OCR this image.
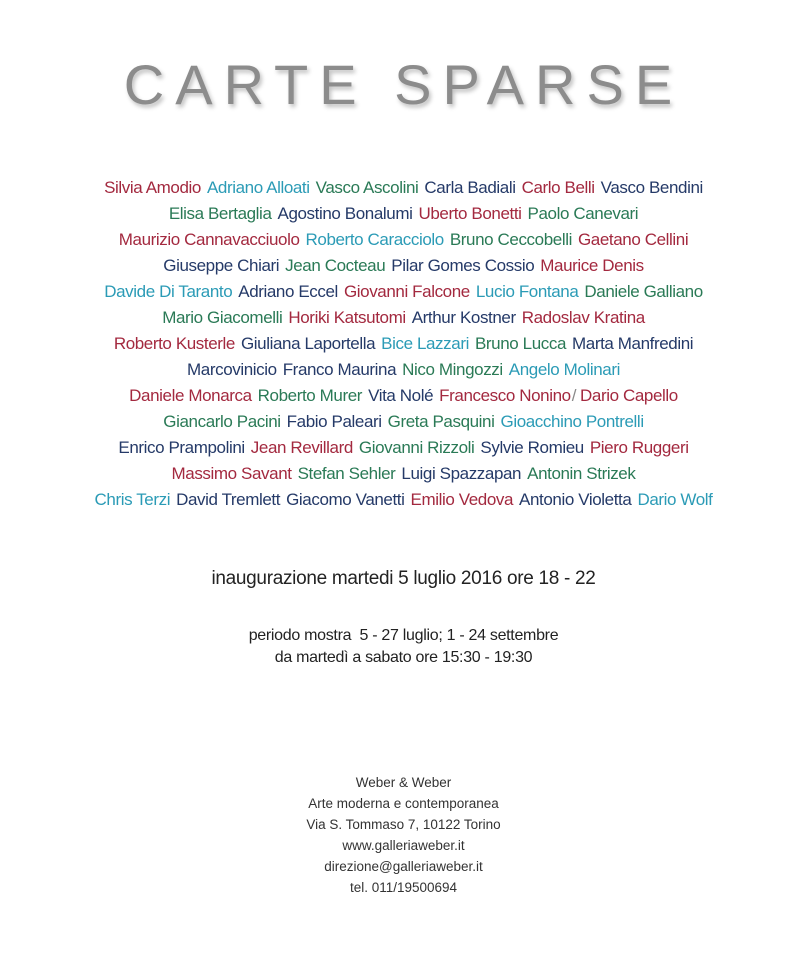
CARTE SPARSE
Silvia Amodio Adriano Alloati Vasco Ascolini Carla Badiali Carlo Belli Vasco Bendini
Elisa Bertaglia Agostino Bonalumi Uberto Bonetti Paolo Canevari
Maurizio Cannavacciuolo Roberto Caracciolo Bruno Ceccobelli Gaetano Cellini
Giuseppe Chiari Jean Cocteau Pilar Gomes Cossio Maurice Denis
Davide Di Taranto Adriano Eccel Giovanni Falcone Lucio Fontana Daniele Galliano
Mario Giacomelli Horiki Katsutomi Arthur Kostner Radoslav Kratina
Roberto Kusterle Giuliana Laportella Bice Lazzari Bruno Lucca Marta Manfredini
Marcovinicio Franco Maurina Nico Mingozzi Angelo Molinari
Daniele Monarca Roberto Murer Vita Nolé Francesco Nonino/ Dario Capello
Giancarlo Pacini Fabio Paleari Greta Pasquini Gioacchino Pontrelli
Enrico Prampolini Jean Revillard Giovanni Rizzoli Sylvie Romieu Piero Ruggeri
Massimo Savant Stefan Sehler Luigi Spazzapan Antonin Strizek
Chris Terzi David Tremlett Giacomo Vanetti Emilio Vedova Antonio Violetta Dario Wolf
inaugurazione martedi 5 luglio 2016 ore 18 - 22
periodo mostra  5 - 27 luglio; 1 - 24 settembre
da martedì a sabato ore 15:30 - 19:30
Weber & Weber
Arte moderna e contemporanea
Via S. Tommaso 7, 10122 Torino
www.galleriaweber.it
direzione@galleriaweber.it
tel. 011/19500694
